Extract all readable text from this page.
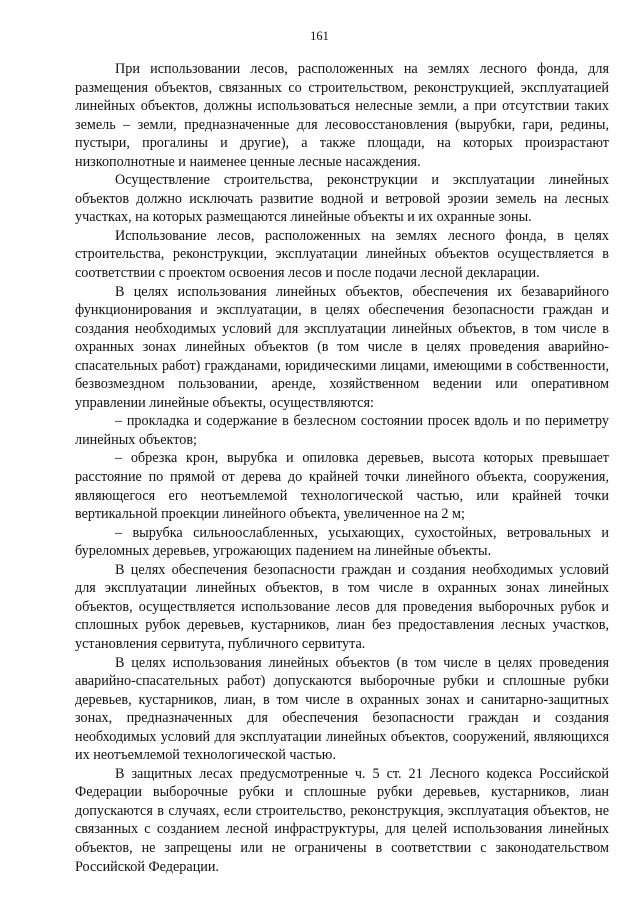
161

При использовании лесов, расположенных на землях лесного фонда, для размещения объектов, связанных со строительством, реконструкцией, эксплуатацией линейных объектов, должны использоваться нелесные земли, а при отсутствии таких земель – земли, предназначенные для лесовосстановления (вырубки, гари, редины, пустыри, прогалины и другие), а также площади, на которых произрастают низкополнотные и наименее ценные лесные насаждения.

Осуществление строительства, реконструкции и эксплуатации линейных объектов должно исключать развитие водной и ветровой эрозии земель на лесных участках, на которых размещаются линейные объекты и их охранные зоны.

Использование лесов, расположенных на землях лесного фонда, в целях строительства, реконструкции, эксплуатации линейных объектов осуществляется в соответствии с проектом освоения лесов и после подачи лесной декларации.

В целях использования линейных объектов, обеспечения их безаварийного функционирования и эксплуатации, в целях обеспечения безопасности граждан и создания необходимых условий для эксплуатации линейных объектов, в том числе в охранных зонах линейных объектов (в том числе в целях проведения аварийно-спасательных работ) гражданами, юридическими лицами, имеющими в собственности, безвозмездном пользовании, аренде, хозяйственном ведении или оперативном управлении линейные объекты, осуществляются:

– прокладка и содержание в безлесном состоянии просек вдоль и по периметру линейных объектов;

– обрезка крон, вырубка и опиловка деревьев, высота которых превышает расстояние по прямой от дерева до крайней точки линейного объекта, сооружения, являющегося его неотъемлемой технологической частью, или крайней точки вертикальной проекции линейного объекта, увеличенное на 2 м;

– вырубка сильноослабленных, усыхающих, сухостойных, ветровальных и буреломных деревьев, угрожающих падением на линейные объекты.

В целях обеспечения безопасности граждан и создания необходимых условий для эксплуатации линейных объектов, в том числе в охранных зонах линейных объектов, осуществляется использование лесов для проведения выборочных рубок и сплошных рубок деревьев, кустарников, лиан без предоставления лесных участков, установления сервитута, публичного сервитута.

В целях использования линейных объектов (в том числе в целях проведения аварийно-спасательных работ) допускаются выборочные рубки и сплошные рубки деревьев, кустарников, лиан, в том числе в охранных зонах и санитарно-защитных зонах, предназначенных для обеспечения безопасности граждан и создания необходимых условий для эксплуатации линейных объектов, сооружений, являющихся их неотъемлемой технологической частью.

В защитных лесах предусмотренные ч. 5 ст. 21 Лесного кодекса Российской Федерации выборочные рубки и сплошные рубки деревьев, кустарников, лиан допускаются в случаях, если строительство, реконструкция, эксплуатация объектов, не связанных с созданием лесной инфраструктуры, для целей использования линейных объектов, не запрещены или не ограничены в соответствии с законодательством Российской Федерации.
